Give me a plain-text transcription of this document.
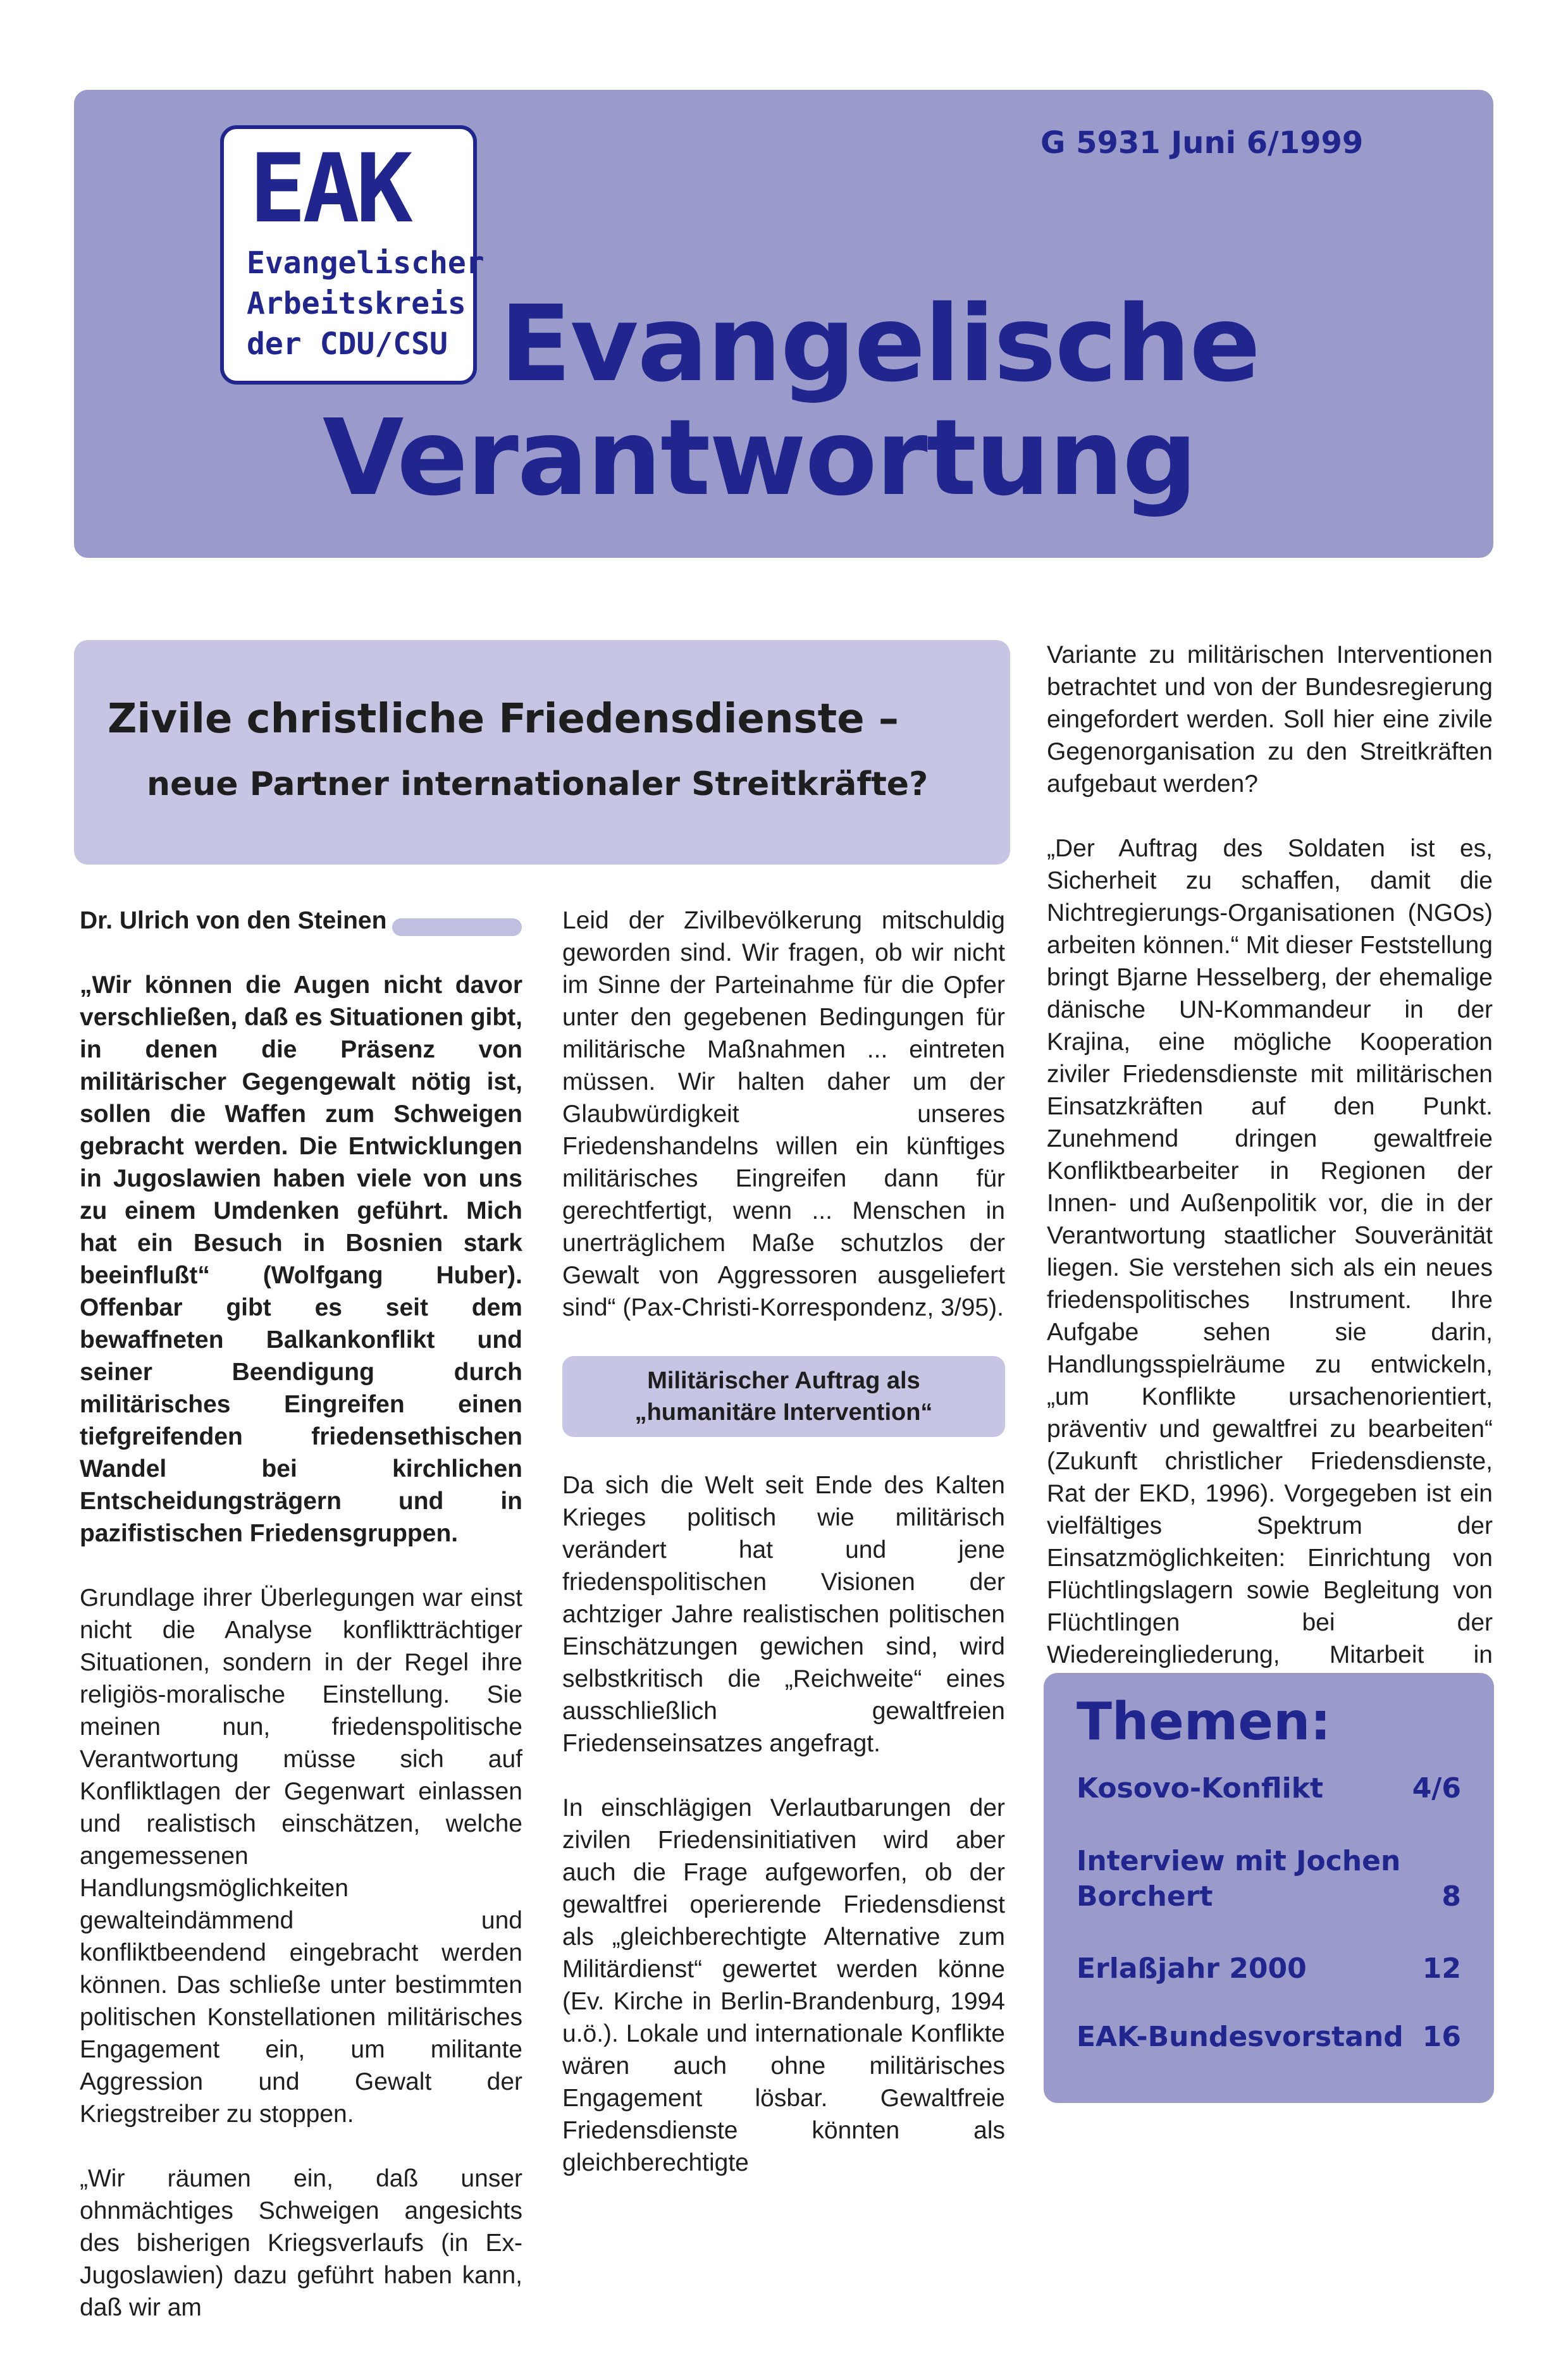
G 5931 Juni 6/1999
EAK
Evangelischer
Arbeitskreis
der CDU/CSU Evangelische
Verantwortung
Zivile christliche Friedensdienste –
neue Partner internationaler Streitkräfte?

Dr. Ulrich von den Steinen

„Wir können die Augen nicht davor verschließen, daß es Situationen gibt, in denen die Präsenz von militärischer Gegengewalt nötig ist, sollen die Waffen zum Schweigen gebracht werden. Die Entwicklungen in Jugoslawien haben viele von uns zu einem Umdenken geführt. Mich hat ein Besuch in Bosnien stark beeinflußt“ (Wolfgang Huber). Offenbar gibt es seit dem bewaffneten Balkankonflikt und seiner Beendigung durch militärisches Eingreifen einen tiefgreifenden friedensethischen Wandel bei kirchlichen Entscheidungsträgern und in pazifistischen Friedensgruppen.

Grundlage ihrer Überlegungen war einst nicht die Analyse konfliktträchtiger Situationen, sondern in der Regel ihre religiös-moralische Einstellung. Sie meinen nun, friedenspolitische Verantwortung müsse sich auf Konfliktlagen der Gegenwart einlassen und realistisch einschätzen, welche angemessenen Handlungsmöglichkeiten gewalteindämmend und konfliktbeendend eingebracht werden können. Das schließe unter bestimmten politischen Konstellationen militärisches Engagement ein, um militante Aggression und Gewalt der Kriegstreiber zu stoppen.

„Wir räumen ein, daß unser ohnmächtiges Schweigen angesichts des bisherigen Kriegsverlaufs (in Ex-Jugoslawien) dazu geführt haben kann, daß wir am

Leid der Zivilbevölkerung mitschuldig geworden sind. Wir fragen, ob wir nicht im Sinne der Parteinahme für die Opfer unter den gegebenen Bedingungen für militärische Maßnahmen ... eintreten müssen. Wir halten daher um der Glaubwürdigkeit unseres Friedenshandelns willen ein künftiges militärisches Eingreifen dann für gerechtfertigt, wenn ... Menschen in unerträglichem Maße schutzlos der Gewalt von Aggressoren ausgeliefert sind“ (Pax-Christi-Korrespondenz, 3/95).

Militärischer Auftrag als
„humanitäre Intervention“

Da sich die Welt seit Ende des Kalten Krieges politisch wie militärisch verändert hat und jene friedenspolitischen Visionen der achtziger Jahre realistischen politischen Einschätzungen gewichen sind, wird selbstkritisch die „Reichweite“ eines ausschließlich gewaltfreien Friedenseinsatzes angefragt.

In einschlägigen Verlautbarungen der zivilen Friedensinitiativen wird aber auch die Frage aufgeworfen, ob der gewaltfrei operierende Friedensdienst als „gleichberechtigte Alternative zum Militärdienst“ gewertet werden könne (Ev. Kirche in Berlin-Brandenburg, 1994 u.ö.). Lokale und internationale Konflikte wären auch ohne militärisches Engagement lösbar. Gewaltfreie Friedensdienste könnten als gleichberechtigte

Variante zu militärischen Interventionen betrachtet und von der Bundesregierung eingefordert werden. Soll hier eine zivile Gegenorganisation zu den Streitkräften aufgebaut werden?

„Der Auftrag des Soldaten ist es, Sicherheit zu schaffen, damit die Nichtregierungs-Organisationen (NGOs) arbeiten können.“ Mit dieser Feststellung bringt Bjarne Hesselberg, der ehemalige dänische UN-Kommandeur in der Krajina, eine mögliche Kooperation ziviler Friedensdienste mit militärischen Einsatzkräften auf den Punkt. Zunehmend dringen gewaltfreie Konfliktbearbeiter in Regionen der Innen- und Außenpolitik vor, die in der Verantwortung staatlicher Souveränität liegen. Sie verstehen sich als ein neues friedenspolitisches Instrument. Ihre Aufgabe sehen sie darin, Handlungsspielräume zu entwickeln, „um Konflikte ursachenorientiert, präventiv und gewaltfrei zu bearbeiten“ (Zukunft christlicher Friedensdienste, Rat der EKD, 1996). Vorgegeben ist ein vielfältiges Spektrum der Einsatzmöglichkeiten: Einrichtung von Flüchtlingslagern sowie Begleitung von Flüchtlingen bei der Wiedereingliederung, Mitarbeit in

Themen:
Kosovo-Konflikt	4/6
Interview mit Jochen Borchert	8
Erlaßjahr 2000	12
EAK-Bundesvorstand 16
